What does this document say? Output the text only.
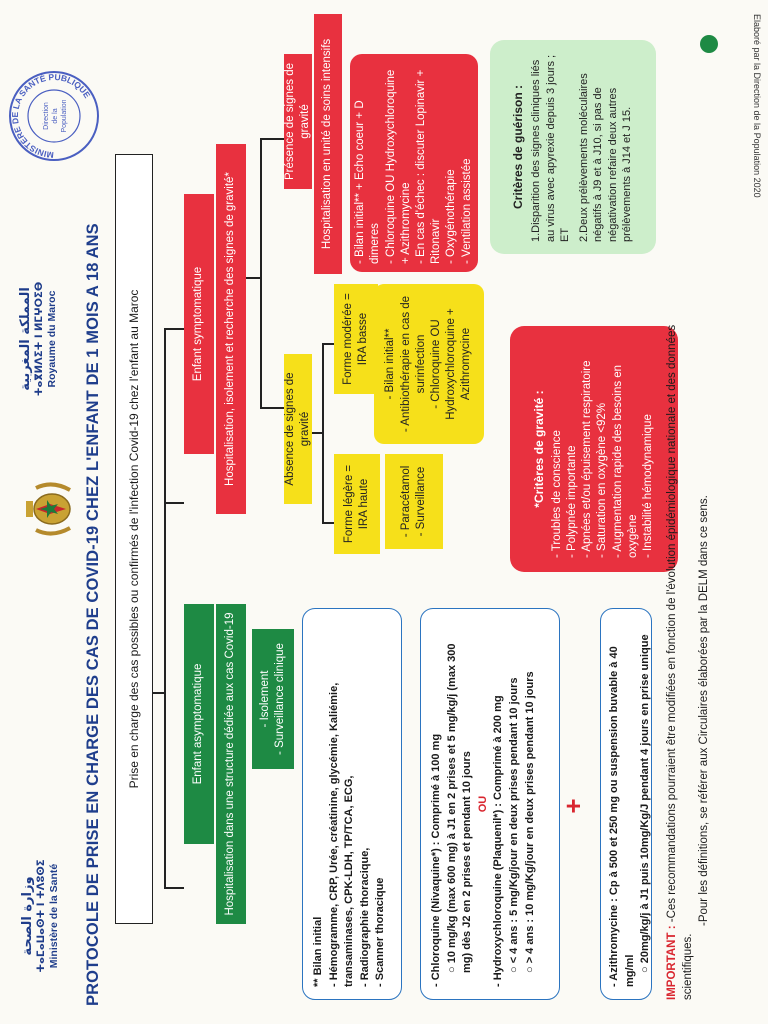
وزارة الصحة ⵜⴰⵎⴰⵡⴰⵙⵜ ⵏ ⵜⴷⵓⵙⵉ Ministère de la Santé
المملكة المغربية ⵜⴰⴳⵍⴷⵉⵜ ⵏ ⵍⵎⵖⵔⵉⴱ Royaume du Maroc
MINISTÈRE DE LA SANTÉ PUBLIQUE
Direction de la Population
PROTOCOLE DE PRISE EN CHARGE DES CAS DE COVID-19 CHEZ L'ENFANT DE 1 MOIS A 18 ANS	Prise en charge des cas possibles ou confirmés de l'infection Covid-19 chez l'enfant au Maroc	Enfant asymptomatique	Hospitalisation dans une structure dédiée aux cas Covid-19	- Isolement
- Surveillance clinique
Enfant symptomatique	Hospitalisation, isolement et recherche des signes de gravité*	Absence de signes de gravité
Forme légère = IRA haute
Forme modérée = IRA basse
- Paracétamol
- Surveillance
- Bilan initial**
- Antibiothérapie en cas de surinfection
- Chloroquine OU Hydroxychloroquine + Azithromycine
Présence de signes de gravité Hospitalisation en unité de soins intensifs
- Bilan initial** + Echo coeur + D dimeres - Chloroquine OU Hydroxychloroquine + Azithromycine - En cas d'échec : discuter Lopinavir + Ritonavir - Oxygénothérapie
- Ventilation assistée
*Critères de gravité : - Troubles de conscience - Polypnée importante - Apnées et/ou épuisement respiratoire - Saturation en oxygène <92% - Augmentation rapide des besoins en oxygène - Instabilité hémodynamique
Critères de guérison : 1.Disparition des signes cliniques liés au virus avec apyrexie depuis 3 jours ; ET 2.Deux prélèvements moléculaires négatifs à J9 et à J10, si pas de négativation refaire deux autres prélèvements à J14 et J 15.
** Bilan initial - Hémogramme, CRP, Urée, créatinine, glycémie, Kaliémie, transaminases, CPK-LDH, TP/TCA, ECG, - Radiographie thoracique, - Scanner thoracique
- Chloroquine (Nivaquine*) : Comprimé à 100 mg ○ 10 mg/kg (max 600 mg) à J1 en 2 prises et 5 mg/kg/j (max 300 mg) dès J2 en 2 prises et pendant 10 jours OU
- Hydroxychloroquine (Plaquenil*) : Comprimé à 200 mg ○ < 4 ans : 5 mg/Kg/jour en deux prises pendant 10 jours
○ > 4 ans : 10 mg/Kg/jour en deux prises pendant 10 jours +
- Azithromycine : Cp à 500 et 250 mg ou suspension buvable à 40 mg/ml ○ 20mg/kg/j à J1 puis 10mg/Kg/J pendant 4 jours en prise unique IMPORTANT : -Ces recommandations pourraient être modifiées en fonction de l'évolution épidémiologique nationale et des données scientifiques.
-Pour les définitions, se référer aux Circulaires élaborées par la DELM dans ce sens.
Elaboré par la Direction de la Population 2020
